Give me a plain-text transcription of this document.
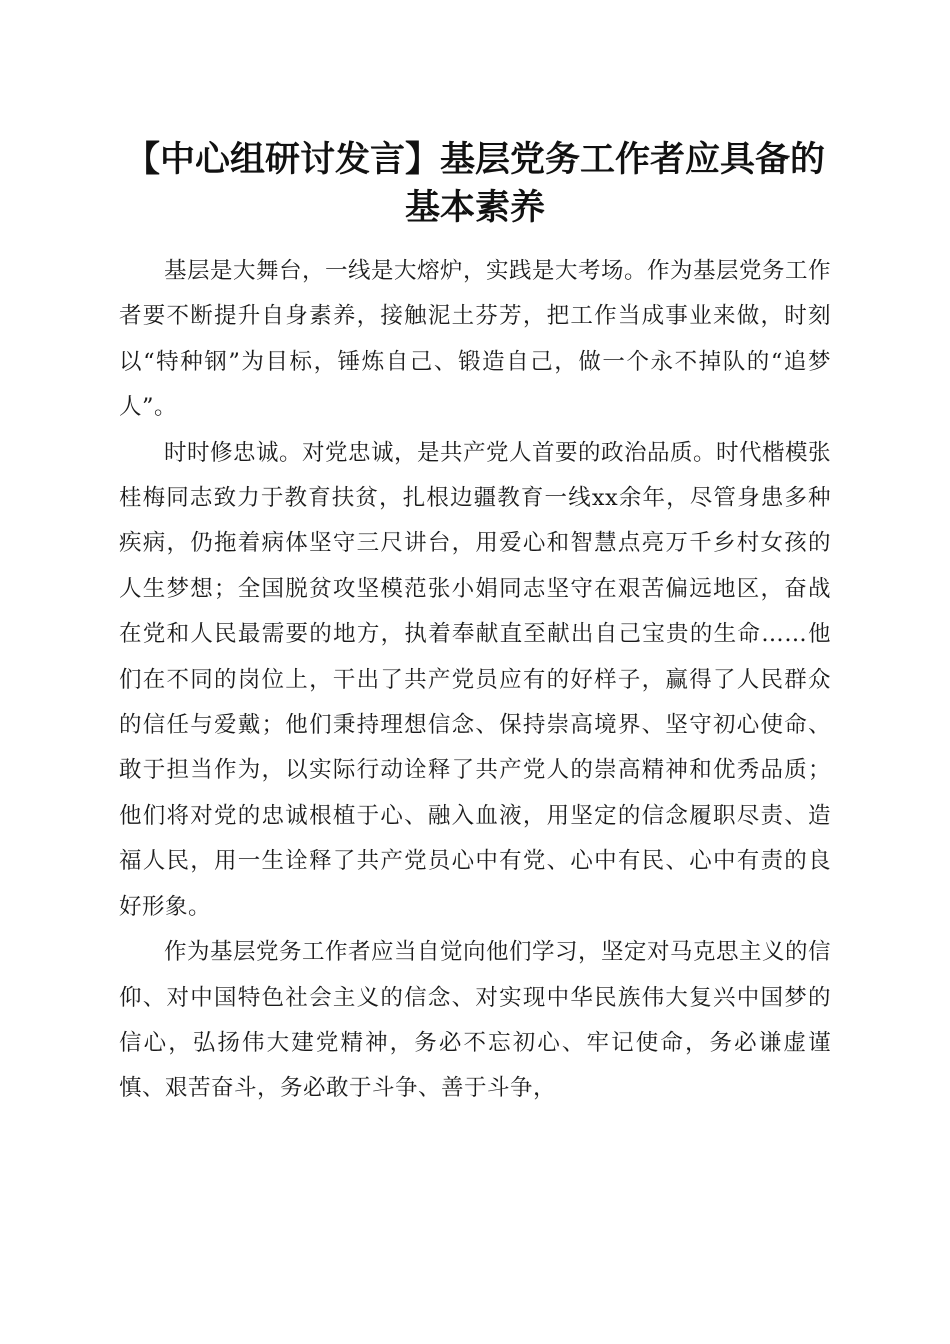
【中心组研讨发言】基层党务工作者应具备的
基本素养

基层是大舞台，一线是大熔炉，实践是大考场。作为基层党务工作者要不断提升自身素养，接触泥土芬芳，把工作当成事业来做，时刻以“特种钢”为目标，锤炼自己、锻造自己，做一个永不掉队的“追梦人”。

时时修忠诚。对党忠诚，是共产党人首要的政治品质。时代楷模张桂梅同志致力于教育扶贫，扎根边疆教育一线xx余年，尽管身患多种疾病，仍拖着病体坚守三尺讲台，用爱心和智慧点亮万千乡村女孩的人生梦想；全国脱贫攻坚模范张小娟同志坚守在艰苦偏远地区，奋战在党和人民最需要的地方，执着奉献直至献出自己宝贵的生命……他们在不同的岗位上，干出了共产党员应有的好样子，赢得了人民群众的信任与爱戴；他们秉持理想信念、保持崇高境界、坚守初心使命、敢于担当作为，以实际行动诠释了共产党人的崇高精神和优秀品质；他们将对党的忠诚根植于心、融入血液，用坚定的信念履职尽责、造福人民，用一生诠释了共产党员心中有党、心中有民、心中有责的良好形象。

作为基层党务工作者应当自觉向他们学习，坚定对马克思主义的信仰、对中国特色社会主义的信念、对实现中华民族伟大复兴中国梦的信心，弘扬伟大建党精神，务必不忘初心、牢记使命，务必谦虚谨慎、艰苦奋斗，务必敢于斗争、善于斗争，
